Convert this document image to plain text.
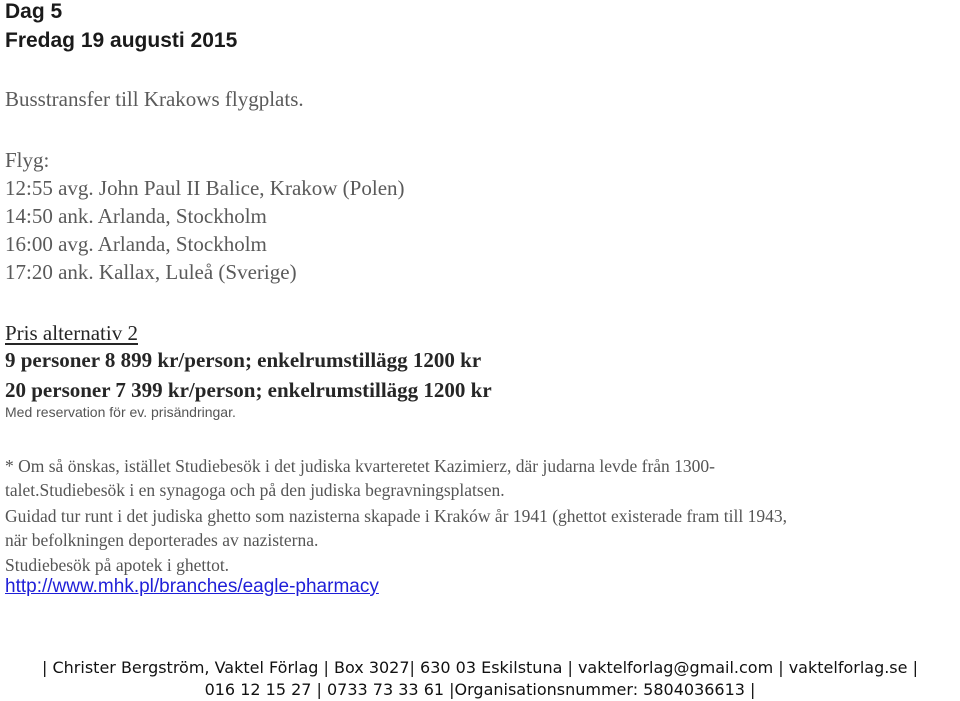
Dag 5
Fredag 19 augusti 2015
Busstransfer till Krakows flygplats.
Flyg:
12:55 avg. John Paul II Balice, Krakow (Polen)
14:50 ank. Arlanda, Stockholm
16:00 avg. Arlanda, Stockholm
17:20 ank. Kallax, Luleå (Sverige)
Pris alternativ 2
9 personer 8 899 kr/person; enkelrumstillägg 1200 kr
20 personer 7 399 kr/person; enkelrumstillägg 1200 kr
Med reservation för ev. prisändringar.
* Om så önskas, istället Studiebesök i det judiska kvarteretet Kazimierz, där judarna levde från 1300-
talet.Studiebesök i en synagoga och på den judiska begravningsplatsen.
Guidad tur runt i det judiska ghetto som nazisterna skapade i Kraków år 1941 (ghettot existerade fram till 1943,
när befolkningen deporterades av nazisterna.
Studiebesök på apotek i ghettot.
http://www.mhk.pl/branches/eagle-pharmacy
| Christer Bergström, Vaktel Förlag | Box 3027| 630 03 Eskilstuna | vaktelforlag@gmail.com | vaktelforlag.se |
016 12 15 27 | 0733 73 33 61 |Organisationsnummer: 5804036613 |
